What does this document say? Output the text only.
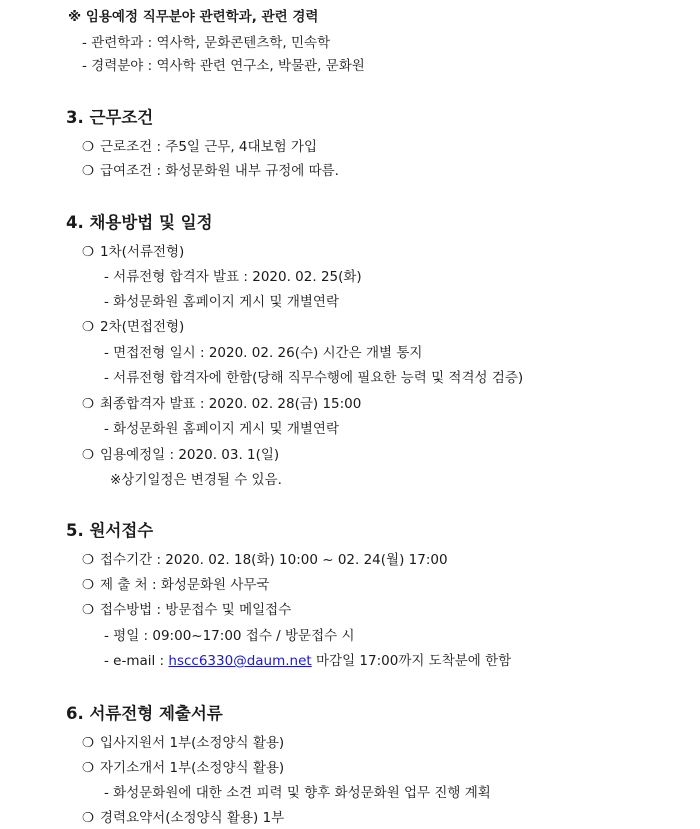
※ 임용예정 직무분야 관련학과, 관련 경력
- 관련학과 : 역사학, 문화콘텐츠학, 민속학
- 경력분야 : 역사학 관련 연구소, 박물관, 문화원
3. 근무조건
❍ 근로조건 : 주5일 근무, 4대보험 가입
❍ 급여조건 : 화성문화원 내부 규정에 따름.
4. 채용방법 및 일정
❍ 1차(서류전형)
- 서류전형 합격자 발표 : 2020. 02. 25(화)
- 화성문화원 홈페이지 게시 및 개별연락
❍ 2차(면접전형)
- 면접전형 일시 : 2020. 02. 26(수) 시간은 개별 통지
- 서류전형 합격자에 한함(당해 직무수행에 필요한 능력 및 적격성 검증)
❍ 최종합격자 발표 : 2020. 02. 28(금) 15:00
- 화성문화원 홈페이지 게시 및 개별연락
❍ 임용예정일 : 2020. 03. 1(일)
※상기일정은 변경될 수 있음.
5. 원서접수
❍ 접수기간 : 2020. 02. 18(화) 10:00 ~ 02. 24(월) 17:00
❍ 제 출 처 : 화성문화원 사무국
❍ 접수방법 : 방문접수 및 메일접수
- 평일 : 09:00~17:00 접수 / 방문접수 시
- e-mail : hscc6330@daum.net 마감일 17:00까지 도착분에 한함
6. 서류전형 제출서류
❍ 입사지원서 1부(소정양식 활용)
❍ 자기소개서 1부(소정양식 활용)
- 화성문화원에 대한 소견 피력 및 향후 화성문화원 업무 진행 계획
❍ 경력요약서(소정양식 활용) 1부
